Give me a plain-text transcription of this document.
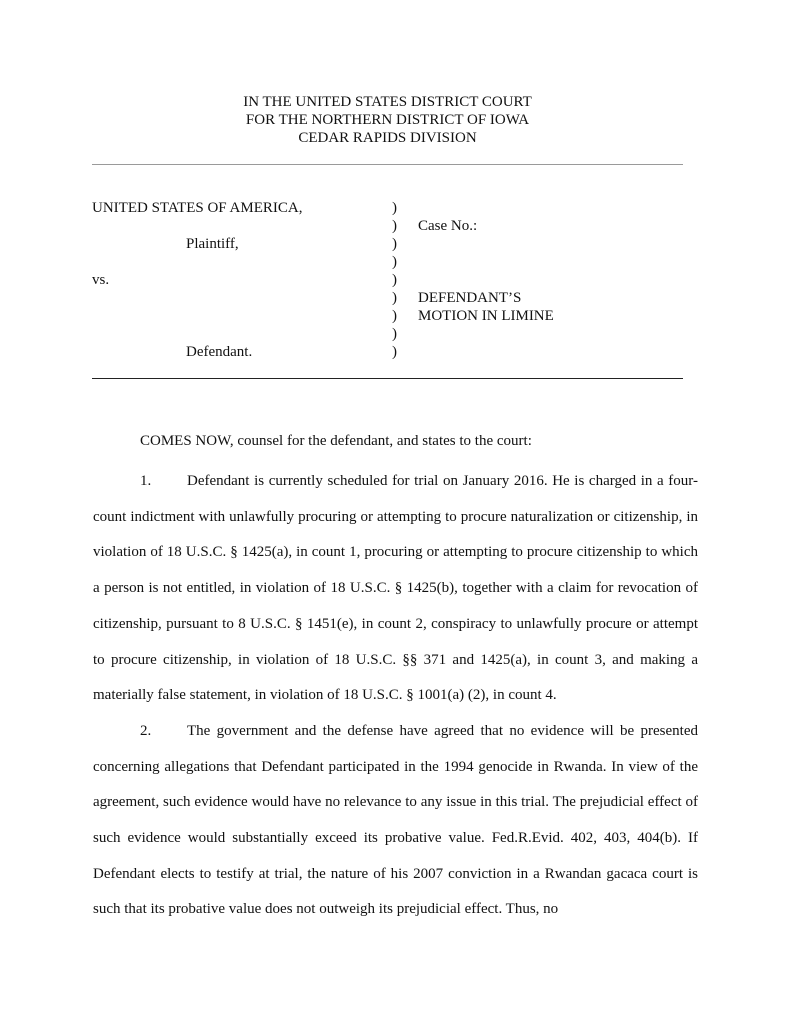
IN THE UNITED STATES DISTRICT COURT
FOR THE NORTHERN DISTRICT OF IOWA
CEDAR RAPIDS DIVISION
UNITED STATES OF AMERICA,
Plaintiff,
vs.
Defendant.
)
)
)
)
)
)
)
)
)
Case No.:
DEFENDANT’S
MOTION IN LIMINE
COMES NOW, counsel for the defendant, and states to the court:

1. Defendant is currently scheduled for trial on January 2016. He is charged in a four-count indictment with unlawfully procuring or attempting to procure naturalization or citizenship, in violation of 18 U.S.C. § 1425(a), in count 1, procuring or attempting to procure citizenship to which a person is not entitled, in violation of 18 U.S.C. § 1425(b), together with a claim for revocation of citizenship, pursuant to 8 U.S.C. § 1451(e), in count 2, conspiracy to unlawfully procure or attempt to procure citizenship, in violation of 18 U.S.C. §§ 371 and 1425(a), in count 3, and making a materially false statement, in violation of 18 U.S.C. § 1001(a) (2), in count 4.

2. The government and the defense have agreed that no evidence will be presented concerning allegations that Defendant participated in the 1994 genocide in Rwanda. In view of the agreement, such evidence would have no relevance to any issue in this trial. The prejudicial effect of such evidence would substantially exceed its probative value. Fed.R.Evid. 402, 403, 404(b). If Defendant elects to testify at trial, the nature of his 2007 conviction in a Rwandan gacaca court is such that its probative value does not outweigh its prejudicial effect. Thus, no
